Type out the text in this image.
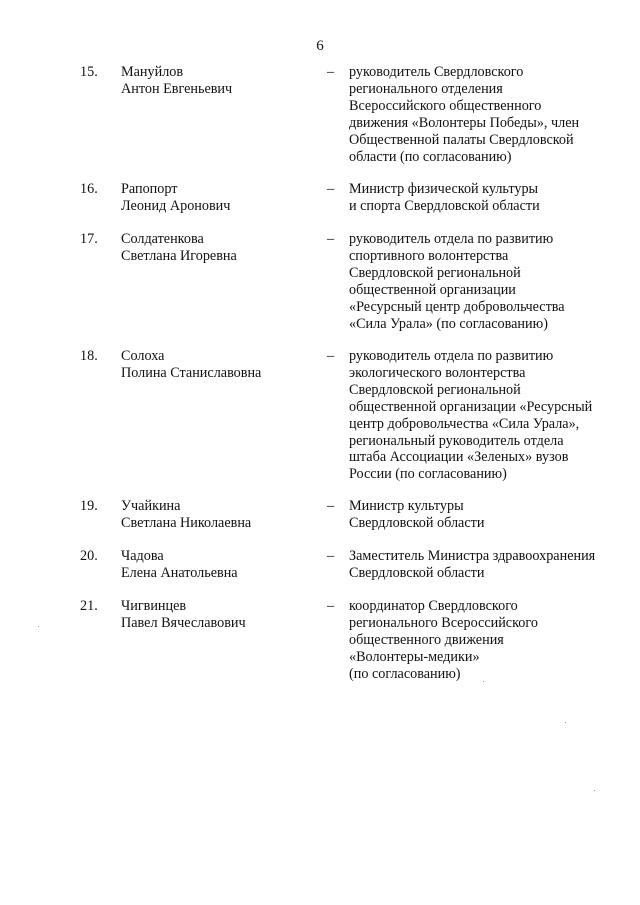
6
15.	Мануйлов
Антон Евгеньевич
–	руководитель Свердловского
регионального отделения
Всероссийского общественного
движения «Волонтеры Победы», член
Общественной палаты Свердловской
области (по согласованию)
16.	Рапопорт
Леонид Аронович
–	Министр физической культуры
и спорта Свердловской области
17.	Солдатенкова
Светлана Игоревна
–	руководитель отдела по развитию
спортивного волонтерства
Свердловской региональной
общественной организации
«Ресурсный центр добровольчества
«Сила Урала» (по согласованию)
18.	Солоха
Полина Станиславовна
–	руководитель отдела по развитию
экологического волонтерства
Свердловской региональной
общественной организации «Ресурсный
центр добровольчества «Сила Урала»,
региональный руководитель отдела
штаба Ассоциации «Зеленых» вузов
России (по согласованию)
19.	Учайкина
Светлана Николаевна
–	Министр культуры
Свердловской области
20.	Чадова
Елена Анатольевна
–	Заместитель Министра здравоохранения
Свердловской области
21.	Чигвинцев
Павел Вячеславович
–	координатор Свердловского
регионального Всероссийского
общественного движения
«Волонтеры-медики»
(по согласованию)
